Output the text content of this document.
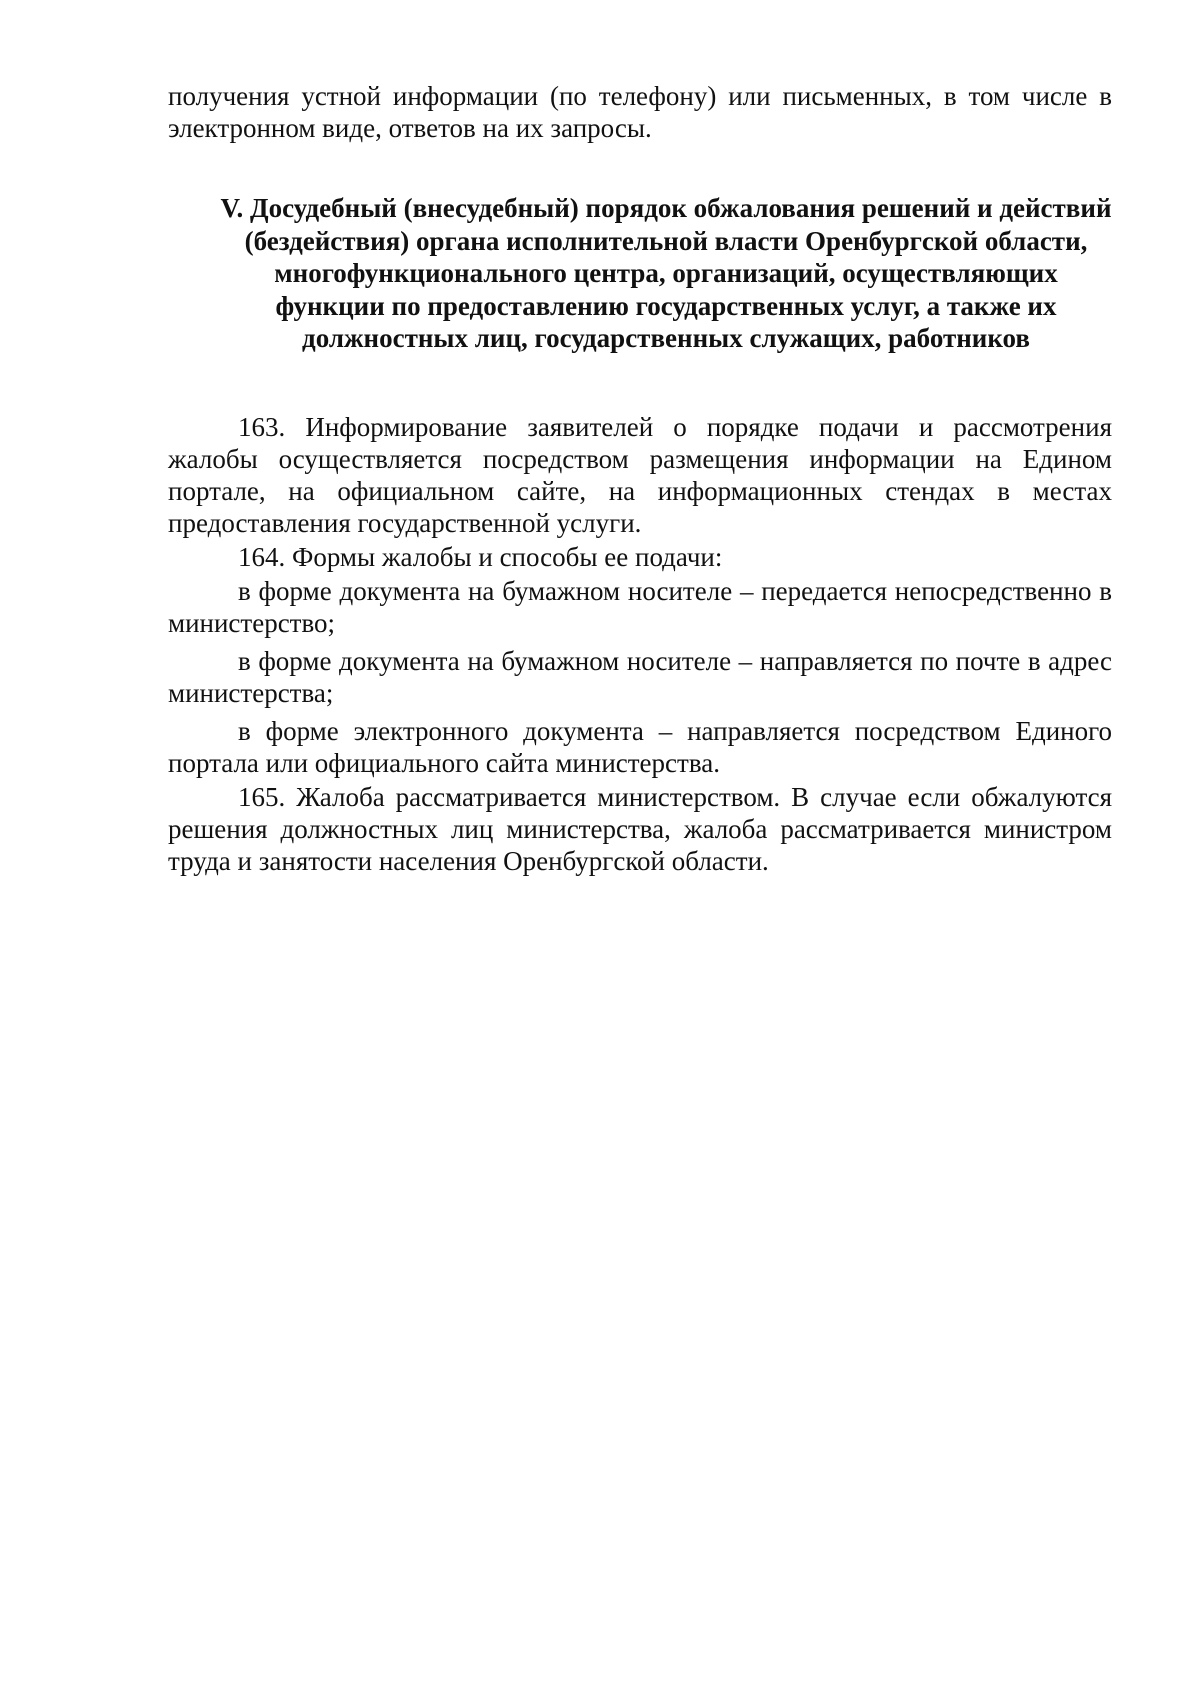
получения устной информации (по телефону) или письменных, в том числе в электронном виде, ответов на их запросы.

V. Досудебный (внесудебный) порядок обжалования решений и действий (бездействия) органа исполнительной власти Оренбургской области, многофункционального центра, организаций, осуществляющих функции по предоставлению государственных услуг, а также их должностных лиц, государственных служащих, работников

163. Информирование заявителей о порядке подачи и рассмотрения жалобы осуществляется посредством размещения информации на Едином портале, на официальном сайте, на информационных стендах в местах предоставления государственной услуги.

164. Формы жалобы и способы ее подачи:

в форме документа на бумажном носителе – передается непосредственно в министерство;

в форме документа на бумажном носителе – направляется по почте в адрес министерства;

в форме электронного документа – направляется посредством Единого портала или официального сайта министерства.

165. Жалоба рассматривается министерством. В случае если обжалуются решения должностных лиц министерства, жалоба рассматривается министром труда и занятости населения Оренбургской области.
